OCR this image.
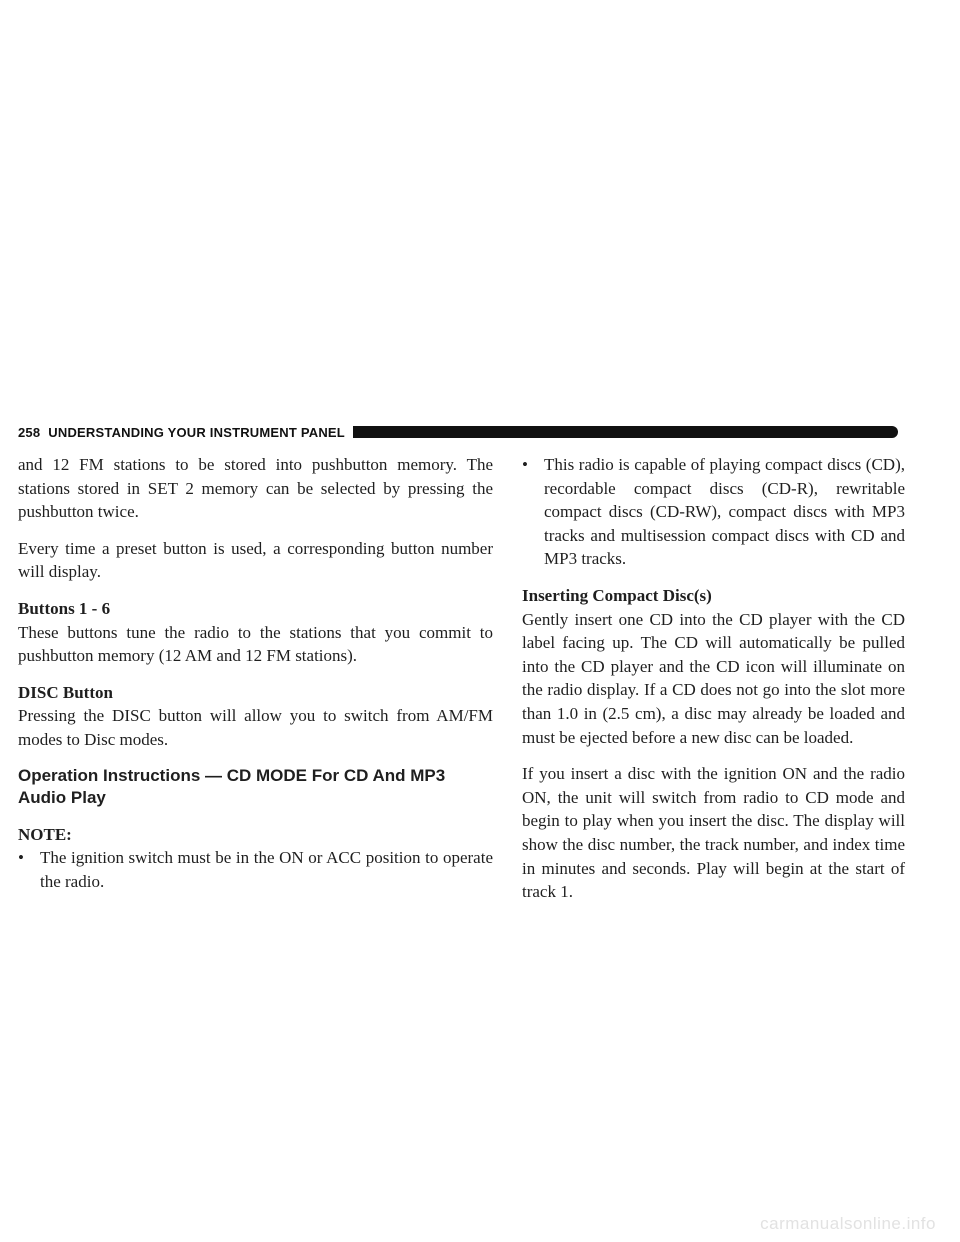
258 UNDERSTANDING YOUR INSTRUMENT PANEL

and 12 FM stations to be stored into pushbutton memory. The stations stored in SET 2 memory can be selected by pressing the pushbutton twice.

Every time a preset button is used, a corresponding button number will display.

Buttons 1 - 6

These buttons tune the radio to the stations that you commit to pushbutton memory (12 AM and 12 FM stations).

DISC Button

Pressing the DISC button will allow you to switch from AM/FM modes to Disc modes.

Operation Instructions — CD MODE For CD And MP3 Audio Play

NOTE:

• The ignition switch must be in the ON or ACC position to operate the radio.
• This radio is capable of playing compact discs (CD), recordable compact discs (CD-R), rewritable compact discs (CD-RW), compact discs with MP3 tracks and multisession compact discs with CD and MP3 tracks.

Inserting Compact Disc(s)

Gently insert one CD into the CD player with the CD label facing up. The CD will automatically be pulled into the CD player and the CD icon will illuminate on the radio display. If a CD does not go into the slot more than 1.0 in (2.5 cm), a disc may already be loaded and must be ejected before a new disc can be loaded.

If you insert a disc with the ignition ON and the radio ON, the unit will switch from radio to CD mode and begin to play when you insert the disc. The display will show the disc number, the track number, and index time in minutes and seconds. Play will begin at the start of track 1.

carmanualsonline.info
